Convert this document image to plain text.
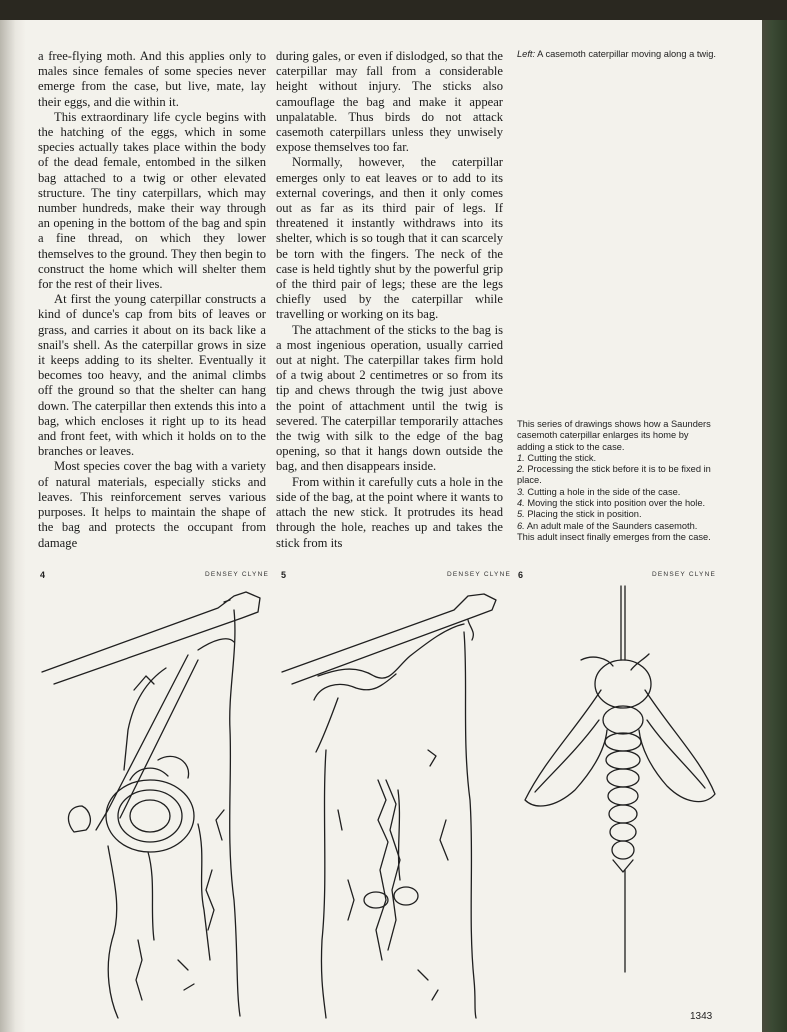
a free-flying moth. And this applies only to males since females of some species never emerge from the case, but live, mate, lay their eggs, and die within it.

This extraordinary life cycle begins with the hatching of the eggs, which in some species actually takes place within the body of the dead female, entombed in the silken bag attached to a twig or other elevated structure. The tiny caterpillars, which may number hundreds, make their way through an opening in the bottom of the bag and spin a fine thread, on which they lower themselves to the ground. They then begin to construct the home which will shelter them for the rest of their lives.

At first the young caterpillar constructs a kind of dunce's cap from bits of leaves or grass, and carries it about on its back like a snail's shell. As the caterpillar grows in size it keeps adding to its shelter. Eventually it becomes too heavy, and the animal climbs off the ground so that the shelter can hang down. The caterpillar then extends this into a bag, which encloses it right up to its head and front feet, with which it holds on to the branches or leaves.

Most species cover the bag with a variety of natural materials, especially sticks and leaves. This reinforcement serves various purposes. It helps to maintain the shape of the bag and protects the occupant from damage

during gales, or even if dislodged, so that the caterpillar may fall from a considerable height without injury. The sticks also camouflage the bag and make it appear unpalatable. Thus birds do not attack casemoth caterpillars unless they unwisely expose themselves too far.

Normally, however, the caterpillar emerges only to eat leaves or to add to its external coverings, and then it only comes out as far as its third pair of legs. If threatened it instantly withdraws into its shelter, which is so tough that it can scarcely be torn with the fingers. The neck of the case is held tightly shut by the powerful grip of the third pair of legs; these are the legs chiefly used by the caterpillar while travelling or working on its bag.

The attachment of the sticks to the bag is a most ingenious operation, usually carried out at night. The caterpillar takes firm hold of a twig about 2 centimetres or so from its tip and chews through the twig just above the point of attachment until the twig is severed. The caterpillar temporarily attaches the twig with silk to the edge of the bag opening, so that it hangs down outside the bag, and then disappears inside.

From within it carefully cuts a hole in the side of the bag, at the point where it wants to attach the new stick. It protrudes its head through the hole, reaches up and takes the stick from its

Left: A casemoth caterpillar moving along a twig.
This series of drawings shows how a Saunders casemoth caterpillar enlarges its home by adding a stick to the case.
1. Cutting the stick.
2. Processing the stick before it is to be fixed in place.
3. Cutting a hole in the side of the case.
4. Moving the stick into position over the hole.
5. Placing the stick in position.
6. An adult male of the Saunders casemoth. This adult insect finally emerges from the case.
4	DENSEY CLYNE 5	DENSEY CLYNE 6	DENSEY CLYNE
1343
